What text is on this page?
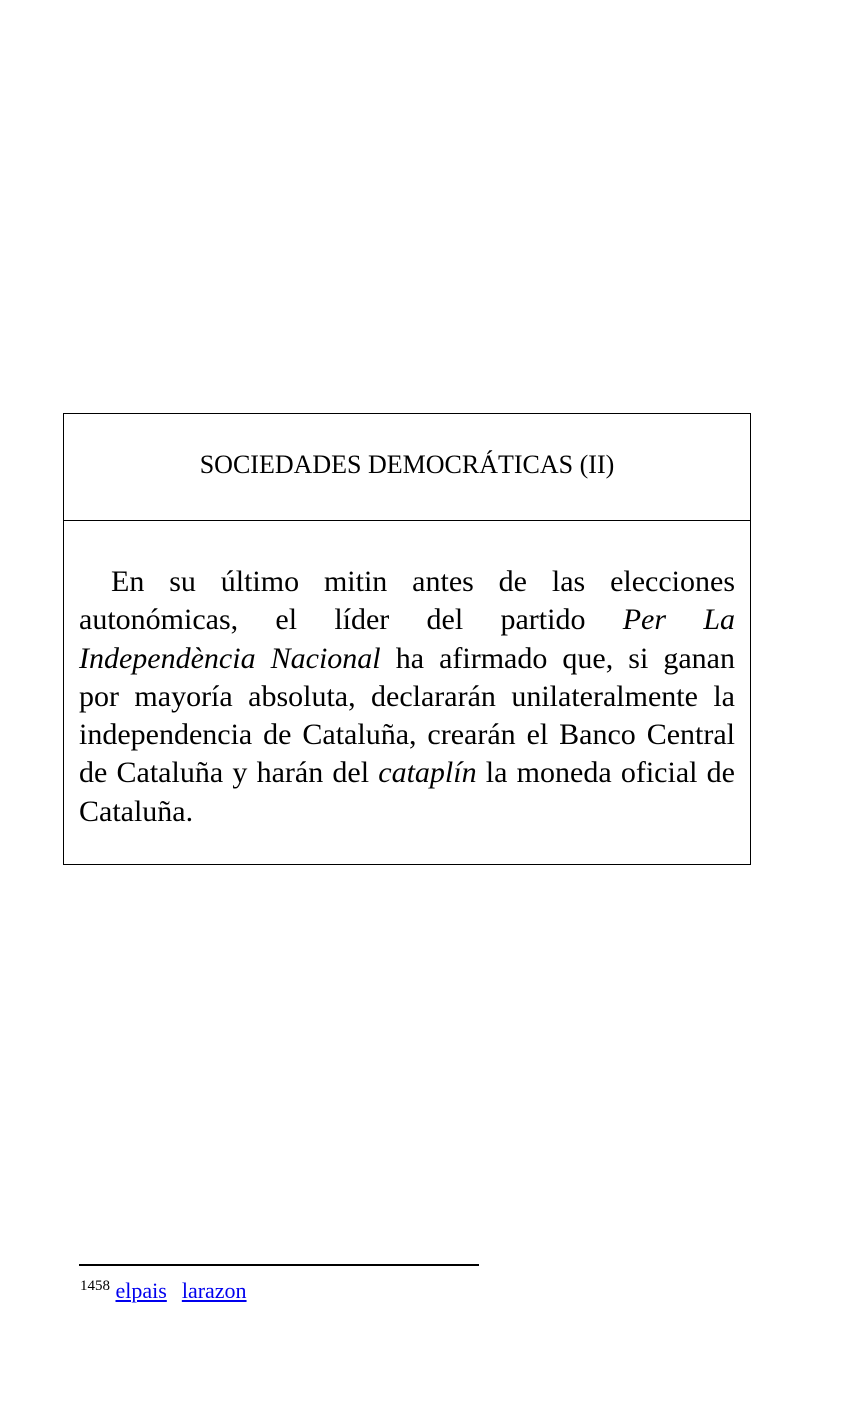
SOCIEDADES DEMOCRÁTICAS (II)

En su último mitin antes de las elecciones autonómicas, el líder del partido Per La Independència Nacional ha afirmado que, si ganan por mayoría absoluta, declararán unilateralmente la independencia de Cataluña, crearán el Banco Central de Cataluña y harán del cataplín la moneda oficial de Cataluña.

$^{1458}$ elpais larazon
